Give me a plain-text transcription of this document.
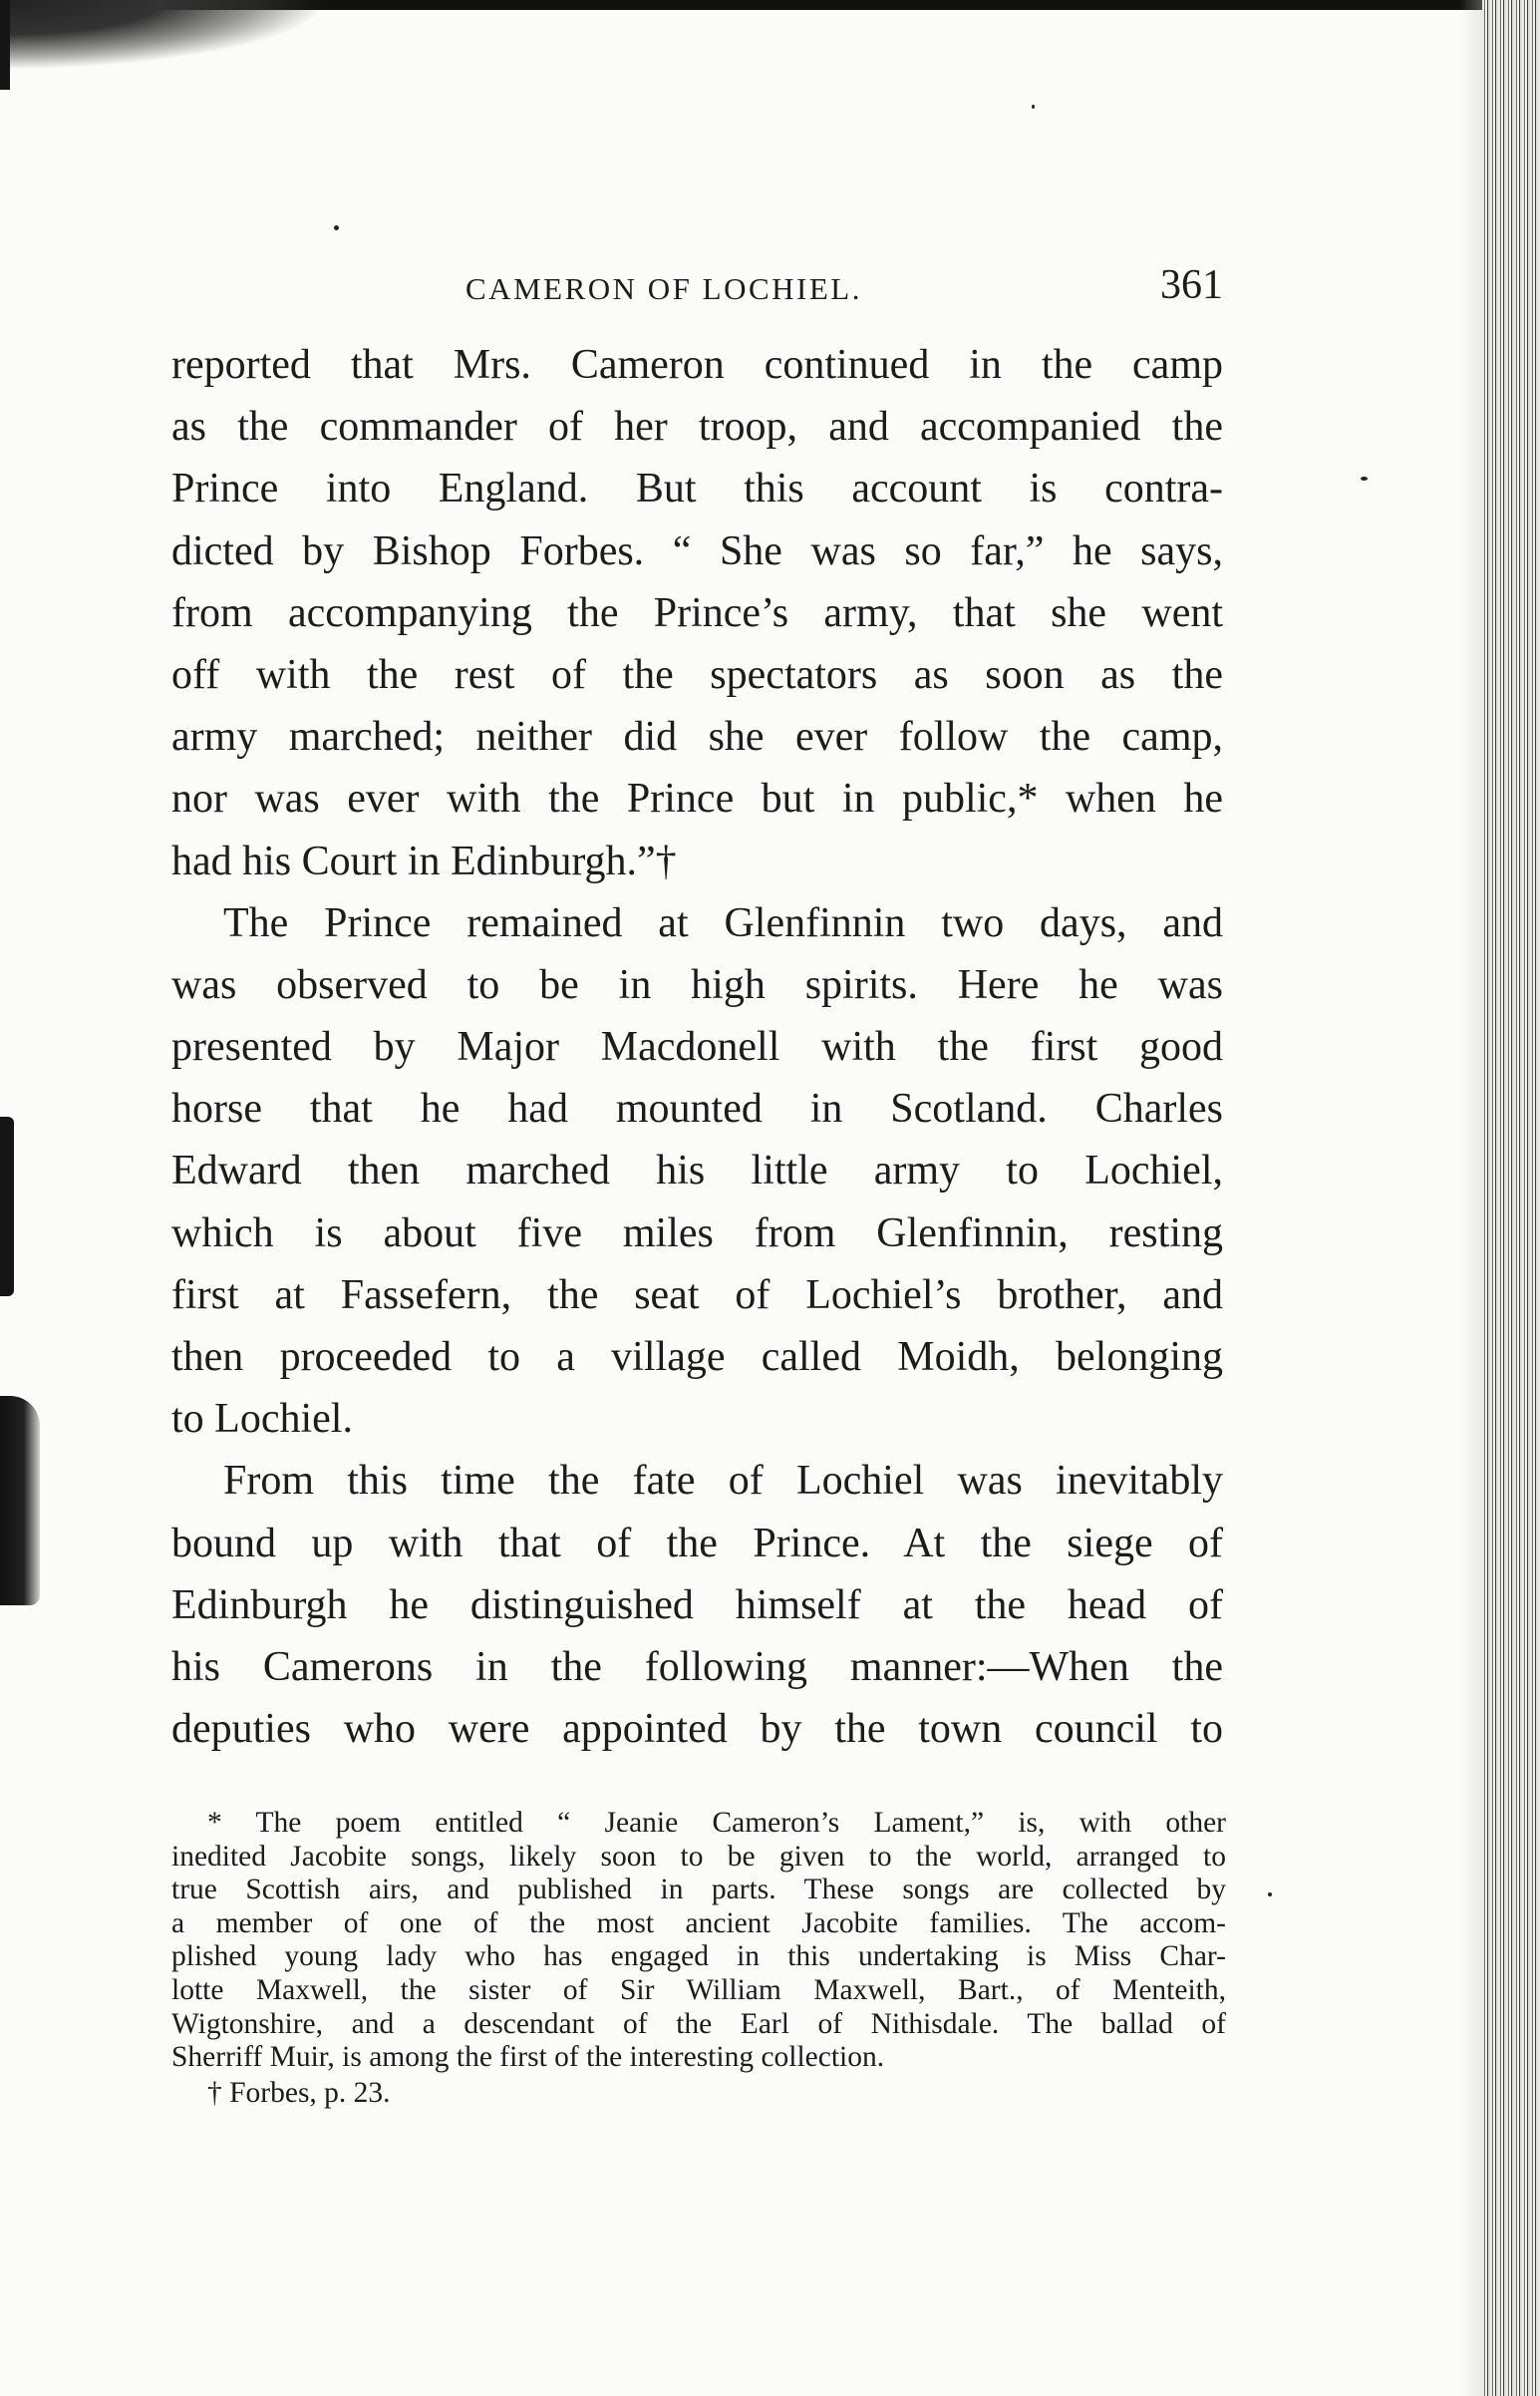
CAMERON OF LOCHIEL.	361
reported that Mrs. Cameron continued in the camp
as the commander of her troop, and accompanied the
Prince into England. But this account is contra-
dicted by Bishop Forbes. “ She was so far,” he says,
from accompanying the Prince’s army, that she went
off with the rest of the spectators as soon as the
army marched; neither did she ever follow the camp,
nor was ever with the Prince but in public,* when he
had his Court in Edinburgh.”†
The Prince remained at Glenfinnin two days, and
was observed to be in high spirits. Here he was
presented by Major Macdonell with the first good
horse that he had mounted in Scotland. Charles
Edward then marched his little army to Lochiel,
which is about five miles from Glenfinnin, resting
first at Fassefern, the seat of Lochiel’s brother, and
then proceeded to a village called Moidh, belonging
to Lochiel.
From this time the fate of Lochiel was inevitably
bound up with that of the Prince. At the siege of
Edinburgh he distinguished himself at the head of
his Camerons in the following manner:—When the
deputies who were appointed by the town council to
* The poem entitled “ Jeanie Cameron’s Lament,” is, with other
inedited Jacobite songs, likely soon to be given to the world, arranged to
true Scottish airs, and published in parts. These songs are collected by
a member of one of the most ancient Jacobite families. The accom-
plished young lady who has engaged in this undertaking is Miss Char-
lotte Maxwell, the sister of Sir William Maxwell, Bart., of Menteith,
Wigtonshire, and a descendant of the Earl of Nithisdale. The ballad of
Sherriff Muir, is among the first of the interesting collection.
† Forbes, p. 23.
